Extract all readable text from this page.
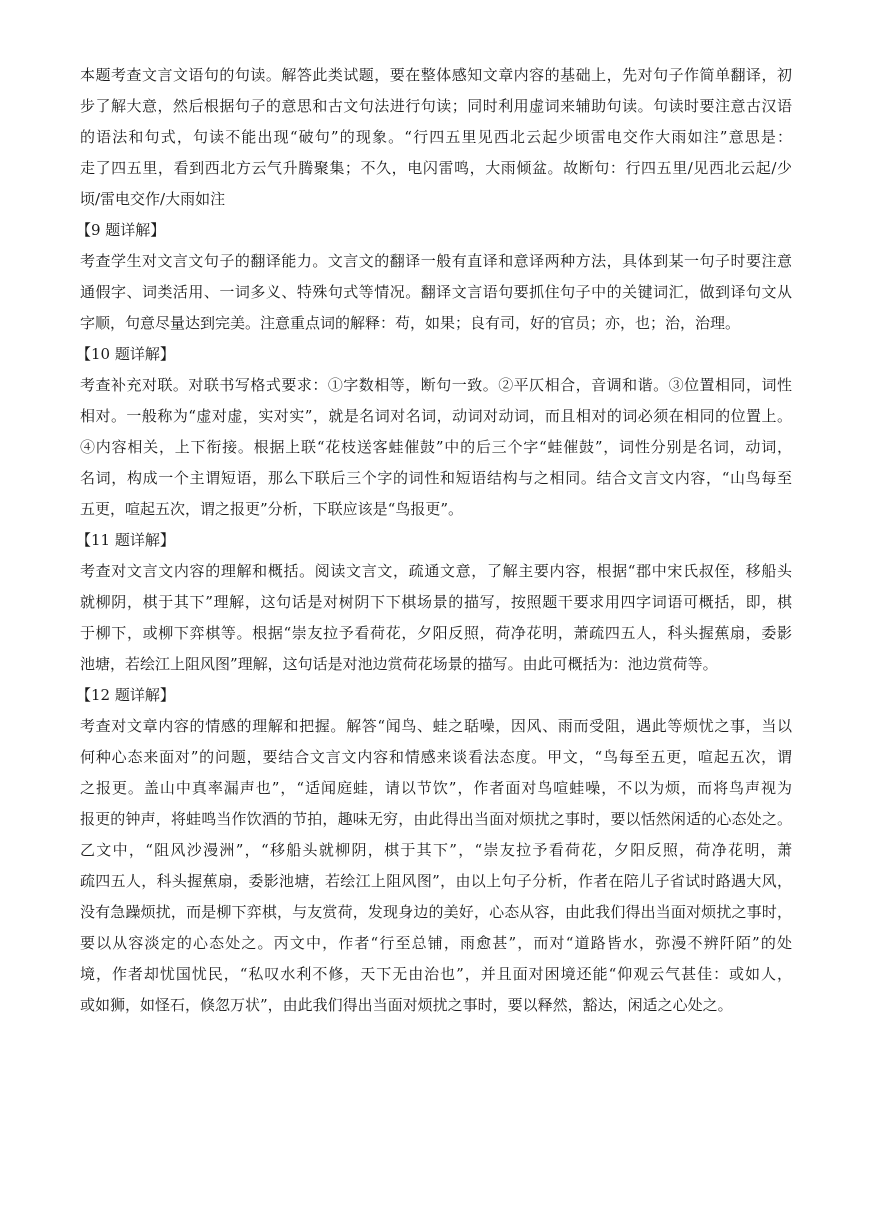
本题考查文言文语句的句读。解答此类试题，要在整体感知文章内容的基础上，先对句子作简单翻译，初
步了解大意，然后根据句子的意思和古文句法进行句读；同时利用虚词来辅助句读。句读时要注意古汉语
的语法和句式，句读不能出现“破句”的现象。“行四五里见西北云起少顷雷电交作大雨如注”意思是：
走了四五里，看到西北方云气升腾聚集；不久，电闪雷鸣，大雨倾盆。故断句：行四五里/见西北云起/少
顷/雷电交作/大雨如注
【9 题详解】
考查学生对文言文句子的翻译能力。文言文的翻译一般有直译和意译两种方法，具体到某一句子时要注意
通假字、词类活用、一词多义、特殊句式等情况。翻译文言语句要抓住句子中的关键词汇，做到译句文从
字顺，句意尽量达到完美。注意重点词的解释：苟，如果；良有司，好的官员；亦，也；治，治理。
【10 题详解】
考查补充对联。对联书写格式要求：①字数相等，断句一致。②平仄相合，音调和谐。③位置相同，词性
相对。一般称为“虚对虚，实对实”，就是名词对名词，动词对动词，而且相对的词必须在相同的位置上。
④内容相关，上下衔接。根据上联“花枝送客蛙催鼓”中的后三个字“蛙催鼓”，词性分别是名词，动词，
名词，构成一个主谓短语，那么下联后三个字的词性和短语结构与之相同。结合文言文内容，“山鸟每至
五更，喧起五次，谓之报更”分析，下联应该是“鸟报更”。
【11 题详解】
考查对文言文内容的理解和概括。阅读文言文，疏通文意，了解主要内容，根据“郡中宋氏叔侄，移船头
就柳阴，棋于其下”理解，这句话是对树阴下下棋场景的描写，按照题干要求用四字词语可概括，即，棋
于柳下，或柳下弈棋等。根据“崇友拉予看荷花，夕阳反照，荷净花明，萧疏四五人，科头握蕉扇，委影
池塘，若绘江上阻风图”理解，这句话是对池边赏荷花场景的描写。由此可概括为：池边赏荷等。
【12 题详解】
考查对文章内容的情感的理解和把握。解答“闻鸟、蛙之聒噪，因风、雨而受阻，遇此等烦忧之事，当以
何种心态来面对”的问题，要结合文言文内容和情感来谈看法态度。甲文，“鸟每至五更，喧起五次，谓
之报更。盖山中真率漏声也”，“适闻庭蛙，请以节饮”，作者面对鸟喧蛙噪，不以为烦，而将鸟声视为
报更的钟声，将蛙鸣当作饮酒的节拍，趣味无穷，由此得出当面对烦扰之事时，要以恬然闲适的心态处之。
乙文中，“阻风沙漫洲”，“移船头就柳阴，棋于其下”，“崇友拉予看荷花，夕阳反照，荷净花明，萧
疏四五人，科头握蕉扇，委影池塘，若绘江上阻风图”，由以上句子分析，作者在陪儿子省试时路遇大风，
没有急躁烦扰，而是柳下弈棋，与友赏荷，发现身边的美好，心态从容，由此我们得出当面对烦扰之事时，
要以从容淡定的心态处之。丙文中，作者“行至总铺，雨愈甚”，而对“道路皆水，弥漫不辨阡陌”的处
境，作者却忧国忧民，“私叹水利不修，天下无由治也”，并且面对困境还能“仰观云气甚佳：或如人，
或如狮，如怪石，倏忽万状”，由此我们得出当面对烦扰之事时，要以释然，豁达，闲适之心处之。
